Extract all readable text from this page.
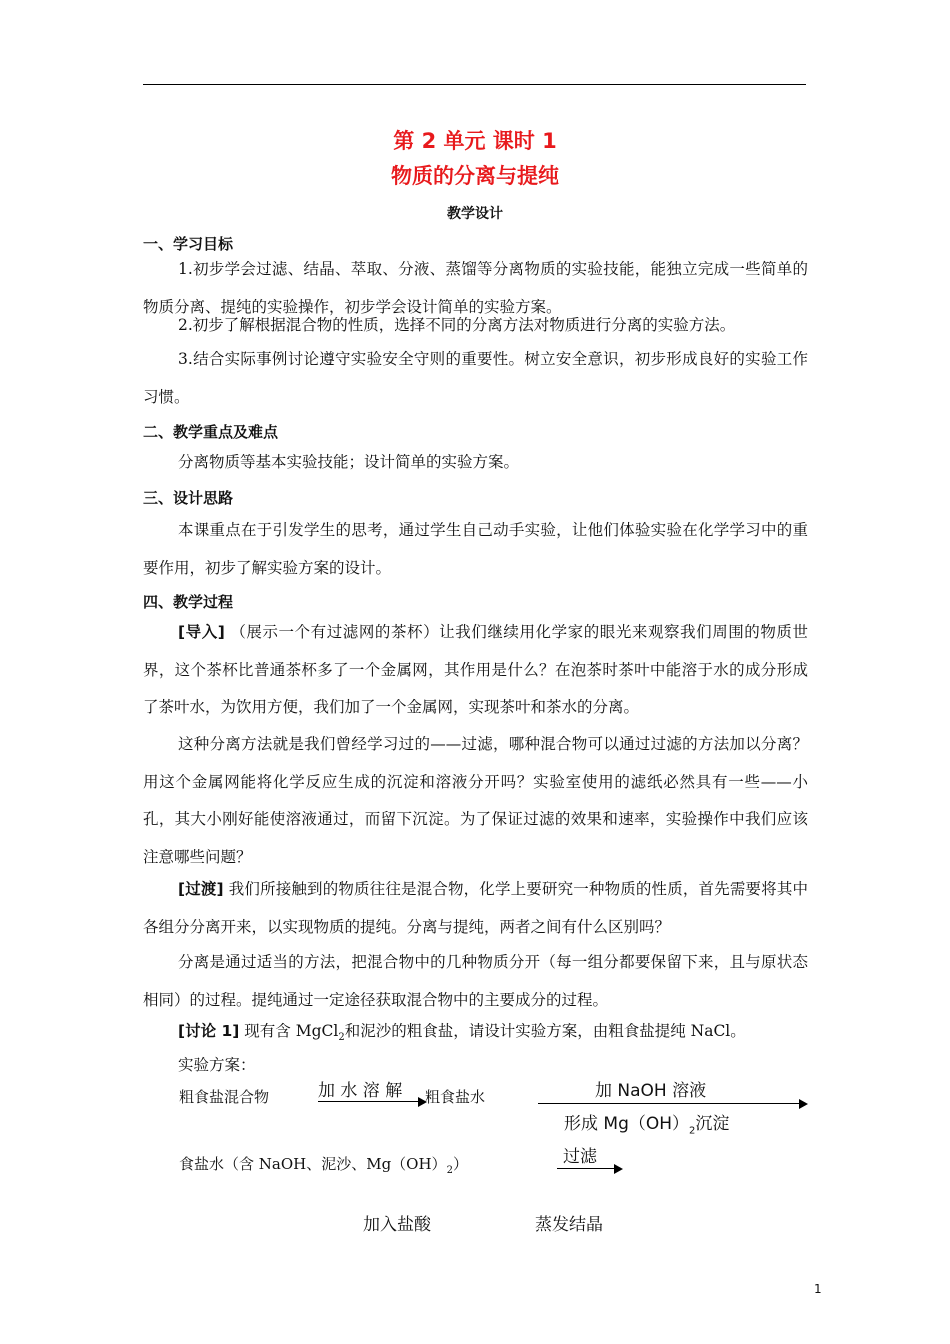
第 2 单元 课时 1
物质的分离与提纯
教学设计
一、学习目标
1.初步学会过滤、结晶、萃取、分液、蒸馏等分离物质的实验技能，能独立完成一些简单的物质分离、提纯的实验操作，初步学会设计简单的实验方案。
2.初步了解根据混合物的性质，选择不同的分离方法对物质进行分离的实验方法。
3.结合实际事例讨论遵守实验安全守则的重要性。树立安全意识，初步形成良好的实验工作习惯。
二、教学重点及难点
分离物质等基本实验技能；设计简单的实验方案。
三、设计思路
本课重点在于引发学生的思考，通过学生自己动手实验，让他们体验实验在化学学习中的重要作用，初步了解实验方案的设计。
四、教学过程
[导入] （展示一个有过滤网的茶杯）让我们继续用化学家的眼光来观察我们周围的物质世界，这个茶杯比普通茶杯多了一个金属网，其作用是什么？在泡茶时茶叶中能溶于水的成分形成了茶叶水，为饮用方便，我们加了一个金属网，实现茶叶和茶水的分离。
这种分离方法就是我们曾经学习过的——过滤，哪种混合物可以通过过滤的方法加以分离？用这个金属网能将化学反应生成的沉淀和溶液分开吗？实验室使用的滤纸必然具有一些——小孔，其大小刚好能使溶液通过，而留下沉淀。为了保证过滤的效果和速率，实验操作中我们应该注意哪些问题？
[过渡] 我们所接触到的物质往往是混合物，化学上要研究一种物质的性质，首先需要将其中各组分分离开来，以实现物质的提纯。分离与提纯，两者之间有什么区别吗？
分离是通过适当的方法，把混合物中的几种物质分开（每一组分都要保留下来，且与原状态相同）的过程。提纯通过一定途径获取混合物中的主要成分的过程。
[讨论 1] 现有含 MgCl$_2$和泥沙的粗食盐，请设计实验方案，由粗食盐提纯 NaCl。
实验方案：
粗食盐混合物	加 水 溶 解 粗食盐水	加 NaOH 溶液
形成 $Mg(OH)_2$沉淀
食盐水（含 NaOH、泥沙、$Mg(OH)_2$）	过滤
加入盐酸	蒸发结晶
1
